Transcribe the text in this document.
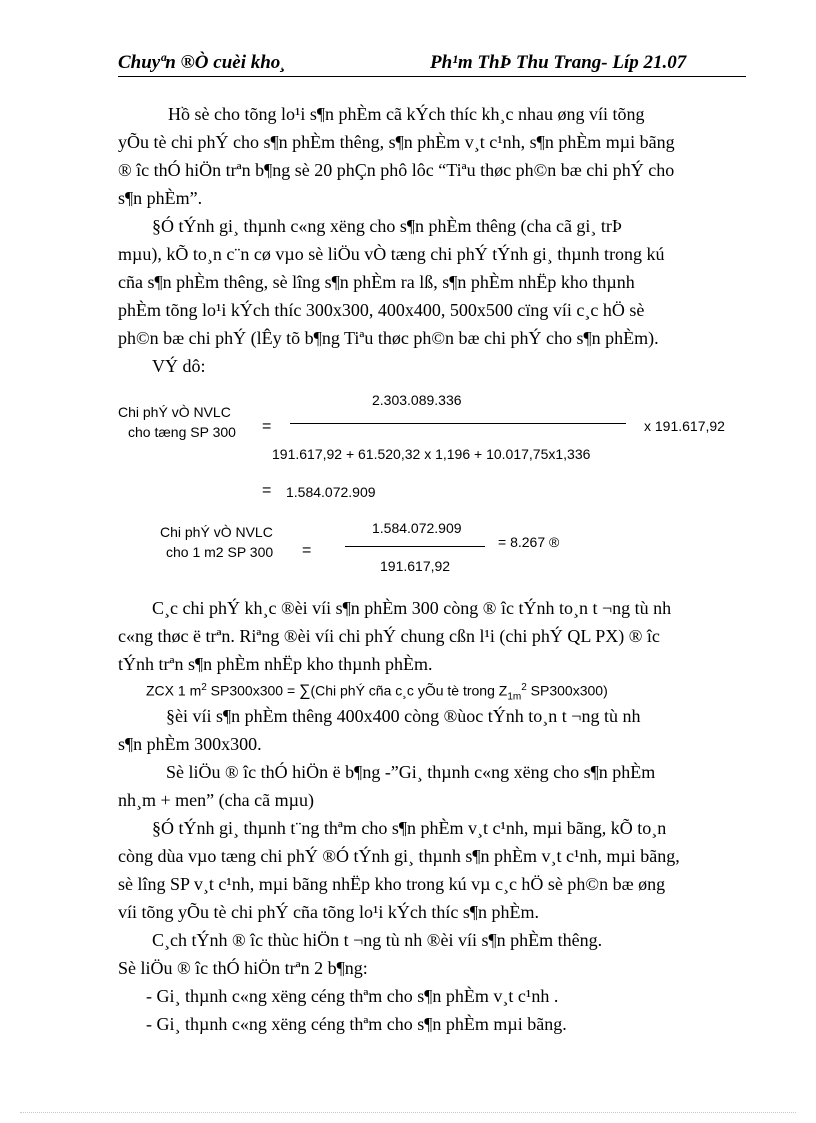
Chuyªn ®Ò cuèi kho¸	Ph¹m ThÞ Thu Trang- Líp 21.07
Hồ sè cho tõng lo¹i s¶n phÈm cã kÝch thíc kh¸c nhau øng víi tõng
yÕu tè chi phÝ cho s¶n phÈm thêng, s¶n phÈm v¸t c¹nh, s¶n phÈm mµi bãng
® îc thÓ hiÖn trªn b¶ng sè 20 phÇn phô lôc “Tiªu thøc ph©n bæ chi phÝ cho
s¶n phÈm”.
§Ó tÝnh gi¸ thµnh c«ng xëng cho s¶n phÈm thêng (cha cã gi¸ trÞ
mµu), kÕ to¸n c¨n cø vµo sè liÖu vÒ tæng chi phÝ tÝnh gi¸ thµnh trong kú
cña s¶n phÈm thêng, sè lîng s¶n phÈm ra lß, s¶n phÈm nhËp kho thµnh
phÈm tõng lo¹i kÝch thíc 300x300, 400x400, 500x500 cïng víi c¸c hÖ sè
ph©n bæ chi phÝ (lÊy tõ b¶ng Tiªu thøc ph©n bæ chi phÝ cho s¶n phÈm).
VÝ dô:
Chi phÝ vÒ NVLC
cho tæng SP 300 =
2.303.089.336
191.617,92 + 61.520,32 x 1,196 + 10.017,75x1,336
x 191.617,92
= 1.584.072.909
Chi phÝ vÒ NVLC
cho 1 m2 SP 300 =
1.584.072.909
191.617,92
= 8.267 ®
C¸c chi phÝ kh¸c ®èi víi s¶n phÈm 300 còng ® îc tÝnh to¸n t ¬ng tù nh
c«ng thøc ë trªn. Riªng ®èi víi chi phÝ chung cßn l¹i (chi phÝ QL PX) ® îc
tÝnh trªn s¶n phÈm nhËp kho thµnh phÈm.
ZCX 1 $m^2$ SP300x300 = ∑(Chi phÝ cña c¸c yÕu tè trong $Z_{1m}^2$ SP300x300)
§èi víi s¶n phÈm thêng 400x400 còng ®ùoc tÝnh to¸n t ¬ng tù nh
s¶n phÈm 300x300.
Sè liÖu ® îc thÓ hiÖn ë b¶ng -”Gi¸ thµnh c«ng xëng cho s¶n phÈm
nh¸m + men” (cha cã mµu)
§Ó tÝnh gi¸ thµnh t¨ng thªm cho s¶n phÈm v¸t c¹nh, mµi bãng, kÕ to¸n
còng dùa vµo tæng chi phÝ ®Ó tÝnh gi¸ thµnh s¶n phÈm v¸t c¹nh, mµi bãng,
sè lîng SP v¸t c¹nh, mµi bãng nhËp kho trong kú vµ c¸c hÖ sè ph©n bæ øng
víi tõng yÕu tè chi phÝ cña tõng lo¹i kÝch thíc s¶n phÈm.
C¸ch tÝnh ® îc thùc hiÖn t ¬ng tù nh ®èi víi s¶n phÈm thêng.
Sè liÖu ® îc thÓ hiÖn trªn 2 b¶ng:
- Gi¸ thµnh c«ng xëng céng thªm cho s¶n phÈm v¸t c¹nh .
- Gi¸ thµnh c«ng xëng céng thªm cho s¶n phÈm mµi bãng.
